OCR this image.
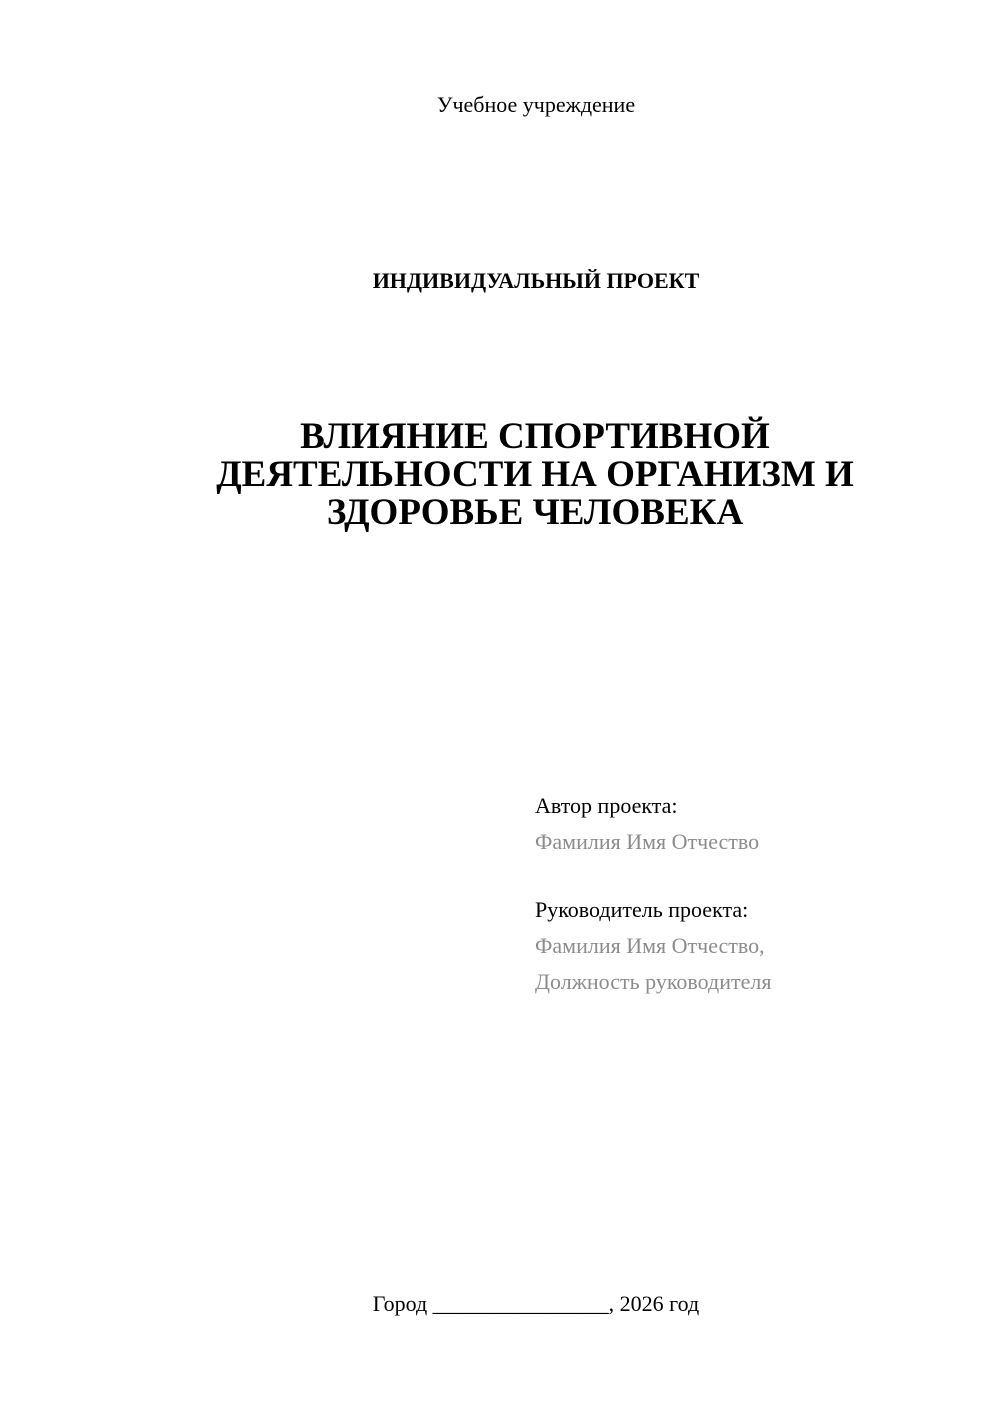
Учебное учреждение
ИНДИВИДУАЛЬНЫЙ ПРОЕКТ
ВЛИЯНИЕ СПОРТИВНОЙ
ДЕЯТЕЛЬНОСТИ НА ОРГАНИЗМ И
ЗДОРОВЬЕ ЧЕЛОВЕКА
Автор проекта:
Фамилия Имя Отчество
Руководитель проекта:
Фамилия Имя Отчество,
Должность руководителя
Город ________________, 2026 год
